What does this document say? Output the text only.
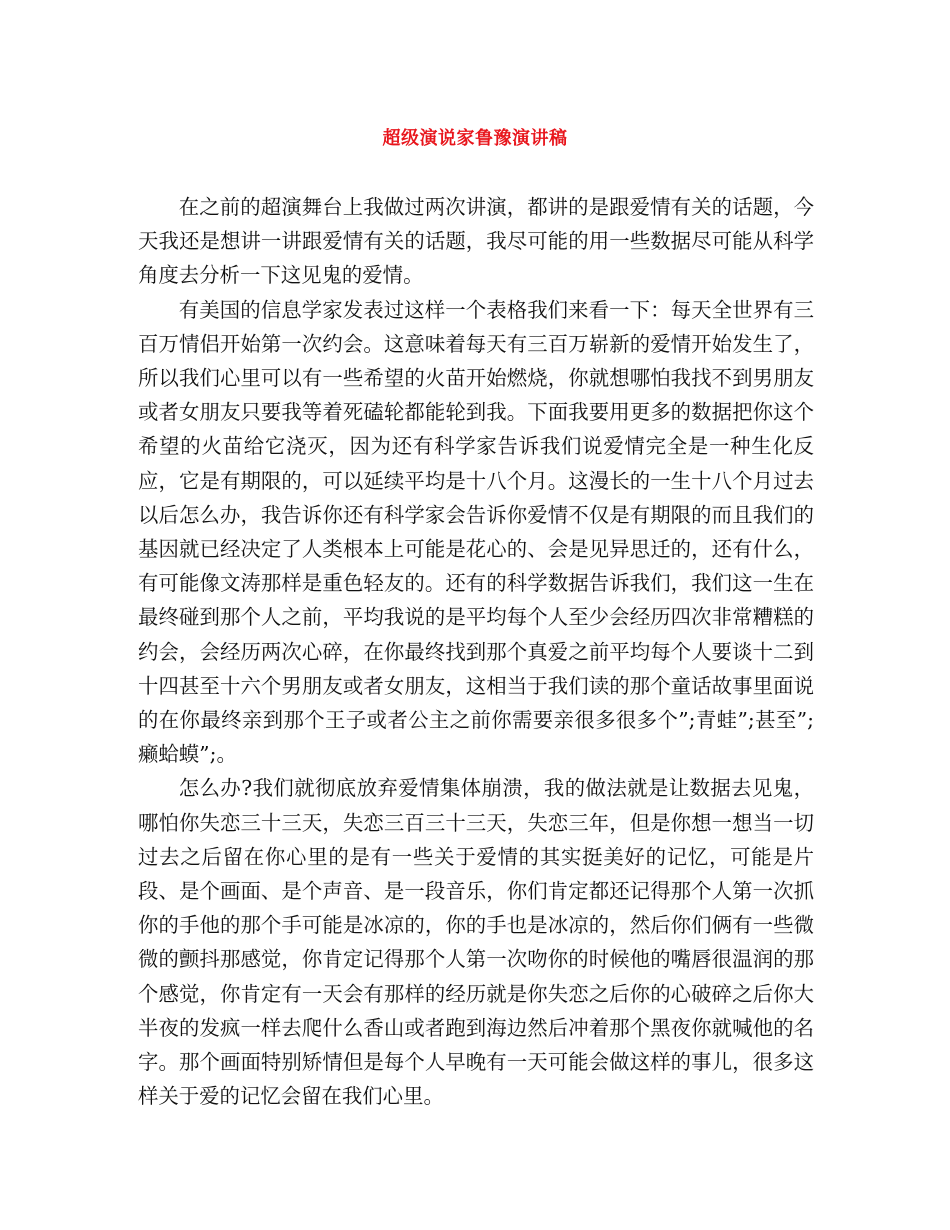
超级演说家鲁豫演讲稿

在之前的超演舞台上我做过两次讲演，都讲的是跟爱情有关的话题，今天我还是想讲一讲跟爱情有关的话题，我尽可能的用一些数据尽可能从科学角度去分析一下这见鬼的爱情。

有美国的信息学家发表过这样一个表格我们来看一下：每天全世界有三百万情侣开始第一次约会。这意味着每天有三百万崭新的爱情开始发生了，所以我们心里可以有一些希望的火苗开始燃烧，你就想哪怕我找不到男朋友或者女朋友只要我等着死磕轮都能轮到我。下面我要用更多的数据把你这个希望的火苗给它浇灭，因为还有科学家告诉我们说爱情完全是一种生化反应，它是有期限的，可以延续平均是十八个月。这漫长的一生十八个月过去以后怎么办，我告诉你还有科学家会告诉你爱情不仅是有期限的而且我们的基因就已经决定了人类根本上可能是花心的、会是见异思迁的，还有什么，有可能像文涛那样是重色轻友的。还有的科学数据告诉我们，我们这一生在最终碰到那个人之前，平均我说的是平均每个人至少会经历四次非常糟糕的约会，会经历两次心碎，在你最终找到那个真爱之前平均每个人要谈十二到十四甚至十六个男朋友或者女朋友，这相当于我们读的那个童话故事里面说的在你最终亲到那个王子或者公主之前你需要亲很多很多个”;青蛙”;甚至”;癞蛤蟆”;。

怎么办?我们就彻底放弃爱情集体崩溃，我的做法就是让数据去见鬼，哪怕你失恋三十三天，失恋三百三十三天，失恋三年，但是你想一想当一切过去之后留在你心里的是有一些关于爱情的其实挺美好的记忆，可能是片段、是个画面、是个声音、是一段音乐，你们肯定都还记得那个人第一次抓你的手他的那个手可能是冰凉的，你的手也是冰凉的，然后你们俩有一些微微的颤抖那感觉，你肯定记得那个人第一次吻你的时候他的嘴唇很温润的那个感觉，你肯定有一天会有那样的经历就是你失恋之后你的心破碎之后你大半夜的发疯一样去爬什么香山或者跑到海边然后冲着那个黑夜你就喊他的名字。那个画面特别矫情但是每个人早晚有一天可能会做这样的事儿，很多这样关于爱的记忆会留在我们心里。
